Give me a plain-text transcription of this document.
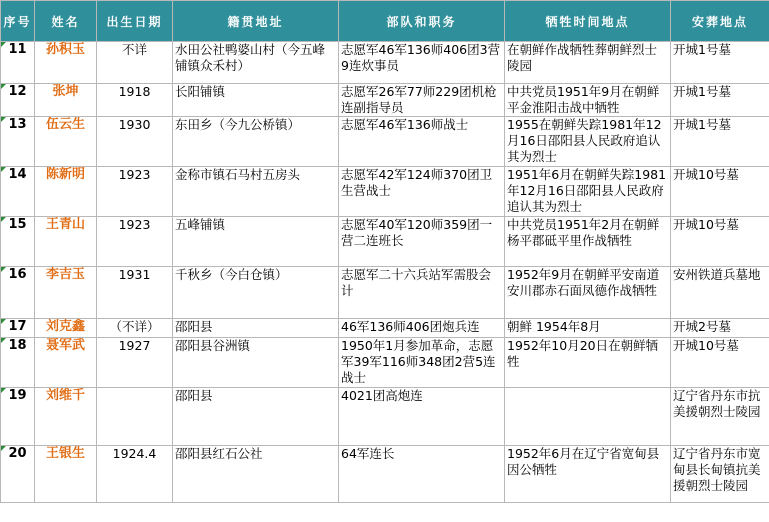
序号	姓名	出生日期	籍贯地址	部队和职务	牺牲时间地点	安葬地点
11	孙积玉	不详	水田公社鸭婆山村（今五峰铺镇众禾村）	志愿军46军136师406团3营9连炊事员	在朝鲜作战牺牲葬朝鲜烈士陵园	开城1号墓
12	张坤	1918	长阳铺镇	志愿军26军77师229团机枪连副指导员	中共党员1951年9月在朝鲜平金淮阳击战中牺牲	开城1号墓
13	伍云生	1930	东田乡（今九公桥镇）	志愿军46军136师战士	1955在朝鲜失踪1981年12月16日邵阳县人民政府追认其为烈士	开城1号墓
14	陈新明	1923	金称市镇石马村五房头	志愿军42军124师370团卫生营战士	1951年6月在朝鲜失踪1981年12月16日邵阳县人民政府追认其为烈士	开城10号墓
15	王青山	1923	五峰铺镇	志愿军40军120师359团一营二连班长	中共党员1951年2月在朝鲜杨平郡砥平里作战牺牲	开城10号墓
16	李吉玉	1931	千秋乡（今白仓镇）	志愿军二十六兵站军需股会计	1952年9月在朝鲜平安南道安川郡赤石面凤德作战牺牲	安州铁道兵墓地
17	刘克鑫	（不详）	邵阳县	46军136师406团炮兵连	朝鲜 1954年8月	开城2号墓
18	聂军武	1927	邵阳县谷洲镇	1950年1月参加革命，志愿军39军116师348团2营5连战士	1952年10月20日在朝鲜牺牲	开城10号墓
19	刘维千		邵阳县	4021团高炮连		辽宁省丹东市抗美援朝烈士陵园
20	王银生	1924.4	邵阳县红石公社	64军连长	1952年6月在辽宁省宽甸县因公牺牲	辽宁省丹东市宽甸县长甸镇抗美援朝烈士陵园
